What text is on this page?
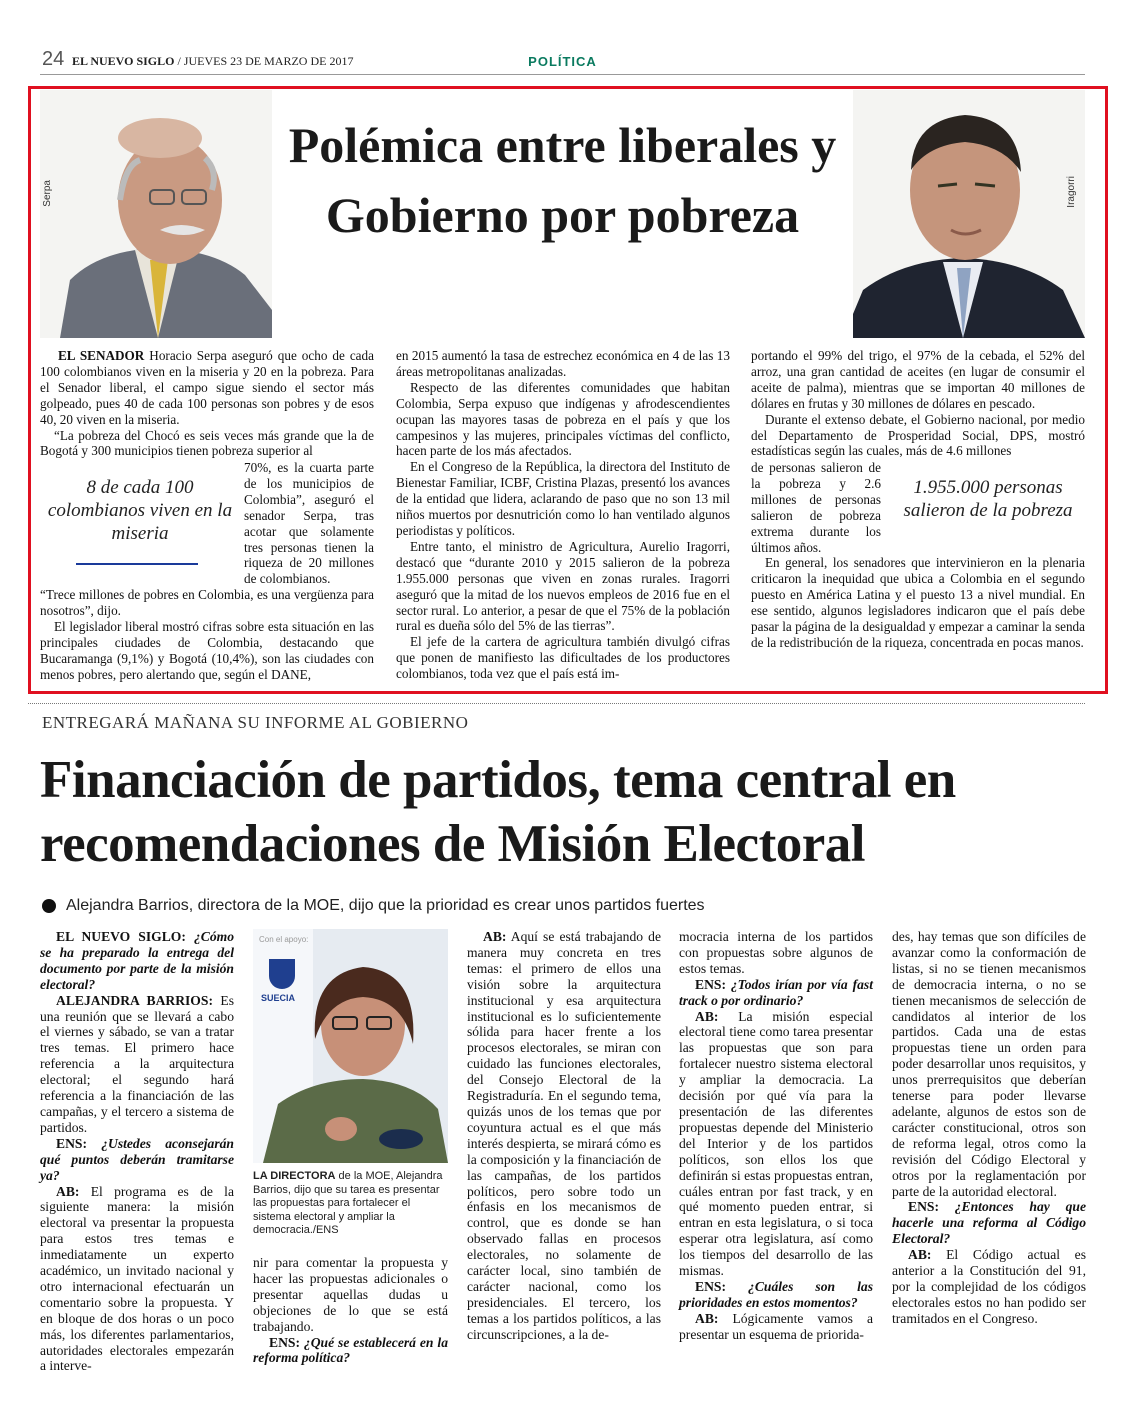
24 EL NUEVO SIGLO / JUEVES 23 DE MARZO DE 2017	POLÍTICA
Serpa	Iragorri
Polémica entre liberales y Gobierno por pobreza

EL SENADOR Horacio Serpa aseguró que ocho de cada 100 colombianos viven en la miseria y 20 en la pobreza. Para el Senador liberal, el campo sigue siendo el sector más golpeado, pues 40 de cada 100 personas son pobres y de esos 40, 20 viven en la miseria.

“La pobreza del Chocó es seis veces más grande que la de Bogotá y 300 municipios tienen pobreza superior al

70%, es la cuarta parte de los municipios de Colombia”, aseguró el senador Serpa, tras acotar que solamente tres personas tienen la riqueza de 20 millones de colombianos.

8 de cada 100 colombianos viven en la miseria

“Trece millones de pobres en Colombia, es una vergüenza para nosotros”, dijo.

El legislador liberal mostró cifras sobre esta situación en las principales ciudades de Colombia, destacando que Bucaramanga (9,1%) y Bogotá (10,4%), son las ciudades con menos pobres, pero alertando que, según el DANE,

en 2015 aumentó la tasa de estrechez económica en 4 de las 13 áreas metropolitanas analizadas.

Respecto de las diferentes comunidades que habitan Colombia, Serpa expuso que indígenas y afrodescendientes ocupan las mayores tasas de pobreza en el país y que los campesinos y las mujeres, principales víctimas del conflicto, hacen parte de los más afectados.

En el Congreso de la República, la directora del Instituto de Bienestar Familiar, ICBF, Cristina Plazas, presentó los avances de la entidad que lidera, aclarando de paso que no son 13 mil niños muertos por desnutrición como lo han ventilado algunos periodistas y políticos.

Entre tanto, el ministro de Agricultura, Aurelio Iragorri, destacó que “durante 2010 y 2015 salieron de la pobreza 1.955.000 personas que viven en zonas rurales. Iragorri aseguró que la mitad de los nuevos empleos de 2016 fue en el sector rural. Lo anterior, a pesar de que el 75% de la población rural es dueña sólo del 5% de las tierras”.

El jefe de la cartera de agricultura también divulgó cifras que ponen de manifiesto las dificultades de los productores colombianos, toda vez que el país está im-

portando el 99% del trigo, el 97% de la cebada, el 52% del arroz, una gran cantidad de aceites (en lugar de consumir el aceite de palma), mientras que se importan 40 millones de dólares en frutas y 30 millones de dólares en pescado.

Durante el extenso debate, el Gobierno nacional, por medio del Departamento de Prosperidad Social, DPS, mostró estadísticas según las cuales, más de 4.6 millones

de personas salieron de la pobreza y 2.6 millones de personas salieron de pobreza extrema durante los últimos años.

1.955.000 personas salieron de la pobreza

En general, los senadores que intervinieron en la plenaria criticaron la inequidad que ubica a Colombia en el segundo puesto en América Latina y el puesto 13 a nivel mundial. En ese sentido, algunos legisladores indicaron que el país debe pasar la página de la desigualdad y empezar a caminar la senda de la redistribución de la riqueza, concentrada en pocas manos.

ENTREGARÁ MAÑANA SU INFORME AL GOBIERNO
Financiación de partidos, tema central en recomendaciones de Misión Electoral
Alejandra Barrios, directora de la MOE, dijo que la prioridad es crear unos partidos fuertes

EL NUEVO SIGLO: ¿Cómo se ha preparado la entrega del documento por parte de la misión electoral?

ALEJANDRA BARRIOS: Es una reunión que se llevará a cabo el viernes y sábado, se van a tratar tres temas. El primero hace referencia a la arquitectura electoral; el segundo hará referencia a la financiación de las campañas, y el tercero a sistema de partidos.

ENS: ¿Ustedes aconsejarán qué puntos deberán tramitarse ya?

AB: El programa es de la siguiente manera: la misión electoral va presentar la propuesta para estos tres temas e inmediatamente un experto académico, un invitado nacional y otro internacional efectuarán un comentario sobre la propuesta. Y en bloque de dos horas o un poco más, los diferentes parlamentarios, autoridades electorales empezarán a interve-

Con el apoyo:
SUECIA
LA DIRECTORA de la MOE, Alejandra Barrios, dijo que su tarea es presentar las propuestas para fortalecer el sistema electoral y ampliar la democracia./ENS

nir para comentar la propuesta y hacer las propuestas adicionales o presentar aquellas dudas u objeciones de lo que se está trabajando.

ENS: ¿Qué se establecerá en la reforma política?

AB: Aquí se está trabajando de manera muy concreta en tres temas: el primero de ellos una visión sobre la arquitectura institucional y esa arquitectura institucional es lo suficientemente sólida para hacer frente a los procesos electorales, se miran con cuidado las funciones electorales, del Consejo Electoral de la Registraduría. En el segundo tema, quizás unos de los temas que por coyuntura actual es el que más interés despierta, se mirará cómo es la composición y la financiación de las campañas, de los partidos políticos, pero sobre todo un énfasis en los mecanismos de control, que es donde se han observado fallas en procesos electorales, no solamente de carácter local, sino también de carácter nacional, como los presidenciales. El tercero, los temas a los partidos políticos, a las circunscripciones, a la de-

mocracia interna de los partidos con propuestas sobre algunos de estos temas.

ENS: ¿Todos irían por vía fast track o por ordinario?

AB: La misión especial electoral tiene como tarea presentar las propuestas que son para fortalecer nuestro sistema electoral y ampliar la democracia. La decisión por qué vía para la presentación de las diferentes propuestas depende del Ministerio del Interior y de los partidos políticos, son ellos los que definirán si estas propuestas entran, cuáles entran por fast track, y en qué momento pueden entrar, si entran en esta legislatura, o si toca esperar otra legislatura, así como los tiempos del desarrollo de las mismas.

ENS: ¿Cuáles son las prioridades en estos momentos?

AB: Lógicamente vamos a presentar un esquema de priorida-

des, hay temas que son difíciles de avanzar como la conformación de listas, si no se tienen mecanismos de democracia interna, o no se tienen mecanismos de selección de candidatos al interior de los partidos. Cada una de estas propuestas tiene un orden para poder desarrollar unos requisitos, y unos prerrequisitos que deberían tenerse para poder llevarse adelante, algunos de estos son de carácter constitucional, otros son de reforma legal, otros como la revisión del Código Electoral y otros por la reglamentación por parte de la autoridad electoral.

ENS: ¿Entonces hay que hacerle una reforma al Código Electoral?

AB: El Código actual es anterior a la Constitución del 91, por la complejidad de los códigos electorales estos no han podido ser tramitados en el Congreso.
